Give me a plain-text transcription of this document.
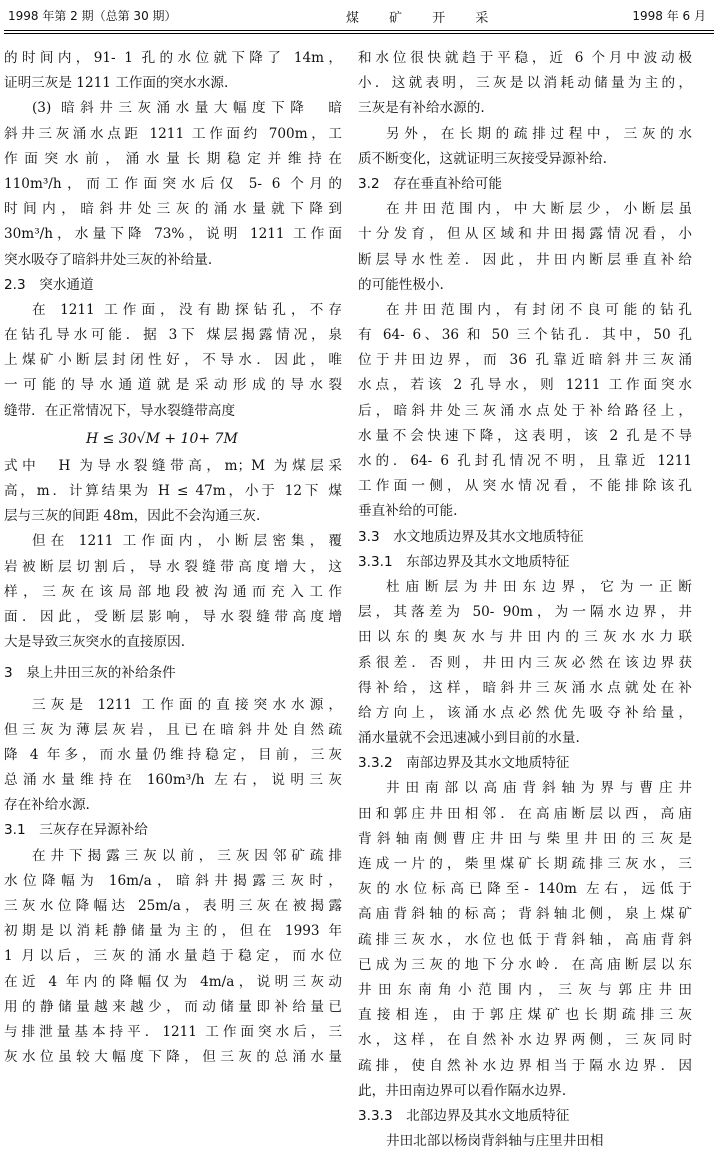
1998 年第 2 期（总第 30 期）	煤 矿 开 采	1998 年 6 月
的时间内，91- 1 孔的水位就下降了 14m，
证明三灰是 1211 工作面的突水水源.
(3) 暗斜井三灰涌水量大幅度下降　暗
斜井三灰涌水点距 1211 工作面约 700m，工
作面突水前，涌水量长期稳定并维持在
110m³/h，而工作面突水后仅 5- 6 个月的
时间内，暗斜井处三灰的涌水量就下降到
30m³/h，水量下降 73%，说明 1211 工作面
突水吸夺了暗斜井处三灰的补给量.
2.3　突水通道
在 1211 工作面，没有勘探钻孔，不存
在钻孔导水可能．据 3下 煤层揭露情况，泉
上煤矿小断层封闭性好，不导水．因此，唯
一可能的导水通道就是采动形成的导水裂
缝带．在正常情况下，导水裂缝带高度
H ≤ 30√M + 10+ 7M
式中　H 为导水裂缝带高，m；M 为煤层采
高，m．计算结果为 H ≤ 47m，小于 12下 煤
层与三灰的间距 48m，因此不会沟通三灰.
但在 1211 工作面内，小断层密集，覆
岩被断层切割后，导水裂缝带高度增大，这
样，三灰在该局部地段被沟通而充入工作
面．因此，受断层影响，导水裂缝带高度增
大是导致三灰突水的直接原因.
3　泉上井田三灰的补给条件
三灰是 1211 工作面的直接突水水源，
但三灰为薄层灰岩，且已在暗斜井处自然疏
降 4 年多，而水量仍维持稳定，目前，三灰
总涌水量维持在 160m³/h 左右，说明三灰
存在补给水源.
3.1　三灰存在异源补给
在井下揭露三灰以前，三灰因邻矿疏排
水位降幅为 16m/a，暗斜井揭露三灰时，
三灰水位降幅达 25m/a，表明三灰在被揭露
初期是以消耗静储量为主的，但在 1993 年
1 月以后，三灰的涌水量趋于稳定，而水位
在近 4 年内的降幅仅为 4m/a，说明三灰动
用的静储量越来越少，而动储量即补给量已
与排泄量基本持平．1211 工作面突水后，三
灰水位虽较大幅度下降，但三灰的总涌水量
和水位很快就趋于平稳，近 6 个月中波动极
小．这就表明，三灰是以消耗动储量为主的，
三灰是有补给水源的.
另外，在长期的疏排过程中，三灰的水
质不断变化，这就证明三灰接受异源补给.
3.2　存在垂直补给可能
在井田范围内，中大断层少，小断层虽
十分发育，但从区域和井田揭露情况看，小
断层导水性差．因此，井田内断层垂直补给
的可能性极小.
在井田范围内，有封闭不良可能的钻孔
有 64- 6、36 和 50 三个钻孔．其中，50 孔
位于井田边界，而 36 孔靠近暗斜井三灰涌
水点，若该 2 孔导水，则 1211 工作面突水
后，暗斜井处三灰涌水点处于补给路径上，
水量不会快速下降，这表明，该 2 孔是不导
水的．64- 6 孔封孔情况不明，且靠近 1211
工作面一侧，从突水情况看，不能排除该孔
垂直补给的可能.
3.3　水文地质边界及其水文地质特征
3.3.1　东部边界及其水文地质特征
杜庙断层为井田东边界，它为一正断
层，其落差为 50- 90m，为一隔水边界，井
田以东的奥灰水与井田内的三灰水水力联
系很差．否则，井田内三灰必然在该边界获
得补给，这样，暗斜井三灰涌水点就处在补
给方向上，该涌水点必然优先吸夺补给量，
涌水量就不会迅速减小到目前的水量.
3.3.2　南部边界及其水文地质特征
井田南部以高庙背斜轴为界与曹庄井
田和郭庄井田相邻．在高庙断层以西，高庙
背斜轴南侧曹庄井田与柴里井田的三灰是
连成一片的，柴里煤矿长期疏排三灰水，三
灰的水位标高已降至- 140m 左右，远低于
高庙背斜轴的标高；背斜轴北侧，泉上煤矿
疏排三灰水，水位也低于背斜轴，高庙背斜
已成为三灰的地下分水岭．在高庙断层以东
井田东南角小范围内，三灰与郭庄井田
直接相连，由于郭庄煤矿也长期疏排三灰
水，这样，在自然补水边界两侧，三灰同时
疏排，使自然补水边界相当于隔水边界．因
此，井田南边界可以看作隔水边界.
3.3.3　北部边界及其水文地质特征
井田北部以杨岗背斜轴与庄里井田相
